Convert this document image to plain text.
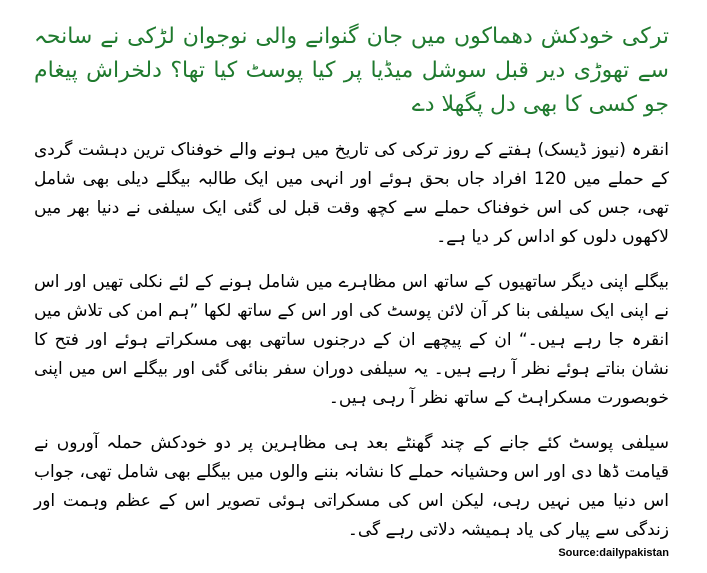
ترکی خودکش دھماکوں میں جان گنوانے والی نوجوان لڑکی نے سانحہ سے تھوڑی دیر قبل سوشل میڈیا پر کیا پوسٹ کیا تھا؟ دلخراش پیغام جو کسی کا بھی دل پگھلا دے

انقرہ (نیوز ڈیسک) ہفتے کے روز ترکی کی تاریخ میں ہونے والے خوفناک ترین دہشت گردی کے حملے میں 120 افراد جاں بحق ہوئے اور انہی میں ایک طالبہ بیگلے دیلی بھی شامل تھی، جس کی اس خوفناک حملے سے کچھ وقت قبل لی گئی ایک سیلفی نے دنیا بھر میں لاکھوں دلوں کو اداس کر دیا ہے۔

بیگلے اپنی دیگر ساتھیوں کے ساتھ اس مظاہرے میں شامل ہونے کے لئے نکلی تھیں اور اس نے اپنی ایک سیلفی بنا کر آن لائن پوسٹ کی اور اس کے ساتھ لکھا ”ہم امن کی تلاش میں انقرہ جا رہے ہیں۔“ ان کے پیچھے ان کے درجنوں ساتھی بھی مسکراتے ہوئے اور فتح کا نشان بناتے ہوئے نظر آ رہے ہیں۔ یہ سیلفی دوران سفر بنائی گئی اور بیگلے اس میں اپنی خوبصورت مسکراہٹ کے ساتھ نظر آ رہی ہیں۔

سیلفی پوسٹ کئے جانے کے چند گھنٹے بعد ہی مظاہرین پر دو خودکش حملہ آوروں نے قیامت ڈھا دی اور اس وحشیانہ حملے کا نشانہ بننے والوں میں بیگلے بھی شامل تھی، جواب اس دنیا میں نہیں رہی، لیکن اس کی مسکراتی ہوئی تصویر اس کے عظم وہمت اور زندگی سے پیار کی یاد ہمیشہ دلاتی رہے گی۔

Source:dailypakistan
